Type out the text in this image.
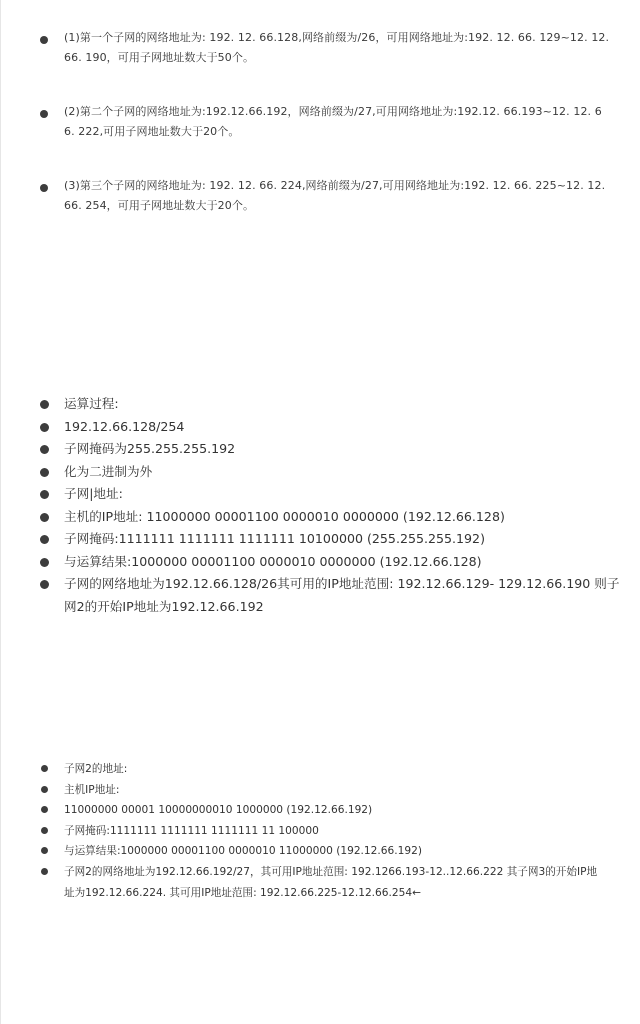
(1)第一个子网的网络地址为: 192. 12. 66.128,网络前缀为/26，可用网络地址为:192. 12. 66. 129~12. 12. 66. 190，可用子网地址数大于50个。
(2)第二个子网的网络地址为:192.12.66.192，网络前缀为/27,可用网络地址为:192.12. 66.193~12. 12. 66. 222,可用子网地址数大于20个。
(3)第三个子网的网络地址为: 192. 12. 66. 224,网络前缀为/27,可用网络地址为:192. 12. 66. 225~12. 12. 66. 254，可用子网地址数大于20个。
运算过程:
192.12.66.128/254
子网掩码为255.255.255.192
化为二进制为外
子网|地址:
主机的IP地址: 11000000 00001100 0000010 0000000 (192.12.66.128)
子网掩码:1111111 1111111 1111111 10100000 (255.255.255.192)
与运算结果:1000000 00001100 0000010 0000000 (192.12.66.128)
子网的网络地址为192.12.66.128/26其可用的IP地址范围: 192.12.66.129- 129.12.66.190 则子网2的开始IP地址为192.12.66.192
子网2的地址:
主机IP地址:
11000000 00001 10000000010 1000000 (192.12.66.192)
子网掩码:1111111 1111111 1111111 11 100000
与运算结果:1000000 00001100 0000010 11000000 (192.12.66.192)
子网2的网络地址为192.12.66.192/27，其可用IP地址范围: 192.1266.193-12..12.66.222 其子网3的开始IP地址为192.12.66.224. 其可用IP地址范围: 192.12.66.225-12.12.66.254←
